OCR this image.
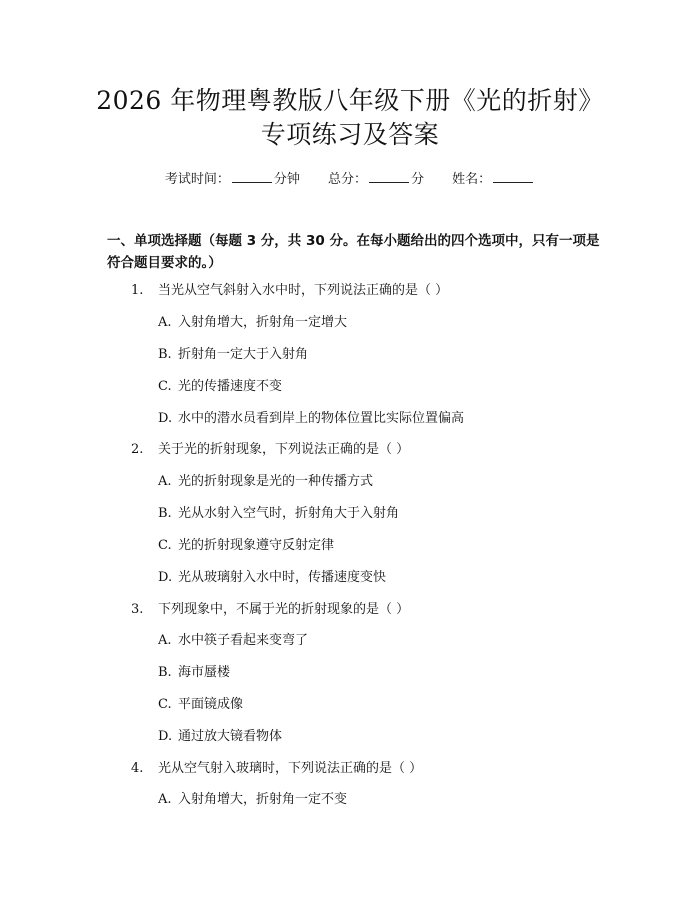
2026 年物理粤教版八年级下册《光的折射》
专项练习及答案
考试时间：	分钟 总分：	分 姓名：
一、单项选择题（每题 3 分，共 30 分。在每小题给出的四个选项中，只有一项是符合题目要求的。）
1. 当光从空气斜射入水中时，下列说法正确的是（ ）
A. 入射角增大，折射角一定增大
B. 折射角一定大于入射角
C. 光的传播速度不变
D. 水中的潜水员看到岸上的物体位置比实际位置偏高
2. 关于光的折射现象，下列说法正确的是（ ）
A. 光的折射现象是光的一种传播方式
B. 光从水射入空气时，折射角大于入射角
C. 光的折射现象遵守反射定律
D. 光从玻璃射入水中时，传播速度变快
3. 下列现象中，不属于光的折射现象的是（ ）
A. 水中筷子看起来变弯了
B. 海市蜃楼
C. 平面镜成像
D. 通过放大镜看物体
4. 光从空气射入玻璃时，下列说法正确的是（ ）
A. 入射角增大，折射角一定不变
